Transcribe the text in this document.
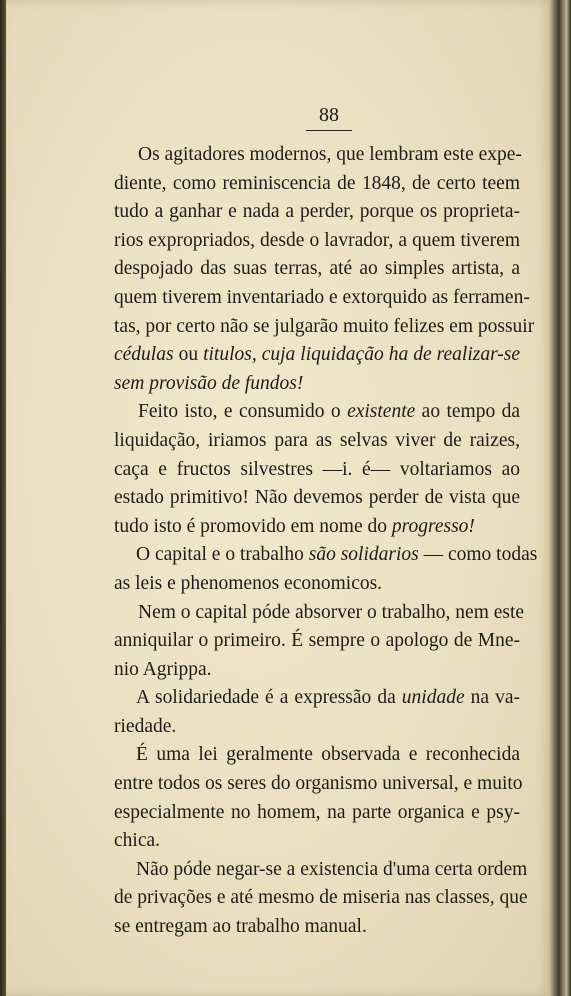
88
Os agitadores modernos, que lembram este expe-
diente, como reminiscencia de 1848, de certo teem
tudo a ganhar e nada a perder, porque os proprieta-
rios expropriados, desde o lavrador, a quem tiverem
despojado das suas terras, até ao simples artista, a
quem tiverem inventariado e extorquido as ferramen-
tas, por certo não se julgarão muito felizes em possuir
cédulas ou titulos, cuja liquidação ha de realizar-se
sem provisão de fundos!
Feito isto, e consumido o existente ao tempo da
liquidação, iriamos para as selvas viver de raizes,
caça e fructos silvestres —i. é— voltariamos ao
estado primitivo! Não devemos perder de vista que
tudo isto é promovido em nome do progresso!
O capital e o trabalho são solidarios — como todas
as leis e phenomenos economicos.
Nem o capital póde absorver o trabalho, nem este
anniquilar o primeiro. É sempre o apologo de Mne-
nio Agrippa.
A solidariedade é a expressão da unidade na va-
riedade.
É uma lei geralmente observada e reconhecida
entre todos os seres do organismo universal, e muito
especialmente no homem, na parte organica e psy-
chica.
Não póde negar-se a existencia d'uma certa ordem
de privações e até mesmo de miseria nas classes, que
se entregam ao trabalho manual.
